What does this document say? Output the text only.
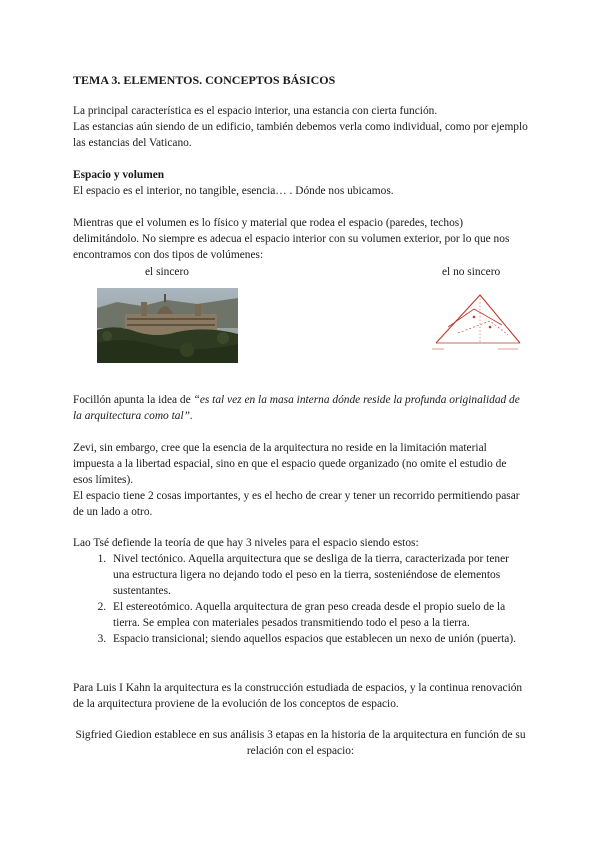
TEMA 3. ELEMENTOS. CONCEPTOS BÁSICOS

La principal característica es el espacio interior, una estancia con cierta función.

Las estancias aún siendo de un edificio, también debemos verla como individual, como por ejemplo las estancias del Vaticano.

Espacio y volumen

El espacio es el interior, no tangible, esencia… . Dónde nos ubicamos.

Mientras que el volumen es lo físico y material que rodea el espacio (paredes, techos) delimitándolo. No siempre es adecua el espacio interior con su volumen exterior, por lo que nos encontramos con dos tipos de volúmenes:
el sincero	el no sincero
Focillón apunta la idea de “es tal vez en la masa interna dónde reside la profunda originalidad de la arquitectura como tal”.

Zevi, sin embargo, cree que la esencia de la arquitectura no reside en la limitación material impuesta a la libertad espacial, sino en que el espacio quede organizado (no omite el estudio de esos límites).

El espacio tiene 2 cosas importantes, y es el hecho de crear y tener un recorrido permitiendo pasar de un lado a otro.

Lao Tsé defiende la teoría de que hay 3 niveles para el espacio siendo estos:

1. Nivel tectónico. Aquella arquitectura que se desliga de la tierra, caracterizada por tener una estructura ligera no dejando todo el peso en la tierra, sosteniéndose de elementos sustentantes.
2. El estereotómico. Aquella arquitectura de gran peso creada desde el propio suelo de la tierra. Se emplea con materiales pesados transmitiendo todo el peso a la tierra.
3. Espacio transicional; siendo aquellos espacios que establecen un nexo de unión (puerta).
Para Luis I Kahn la arquitectura es la construcción estudiada de espacios, y la continua renovación de la arquitectura proviene de la evolución de los conceptos de espacio.
Sigfried Giedion establece en sus análisis 3 etapas en la historia de la arquitectura en función de su relación con el espacio:
